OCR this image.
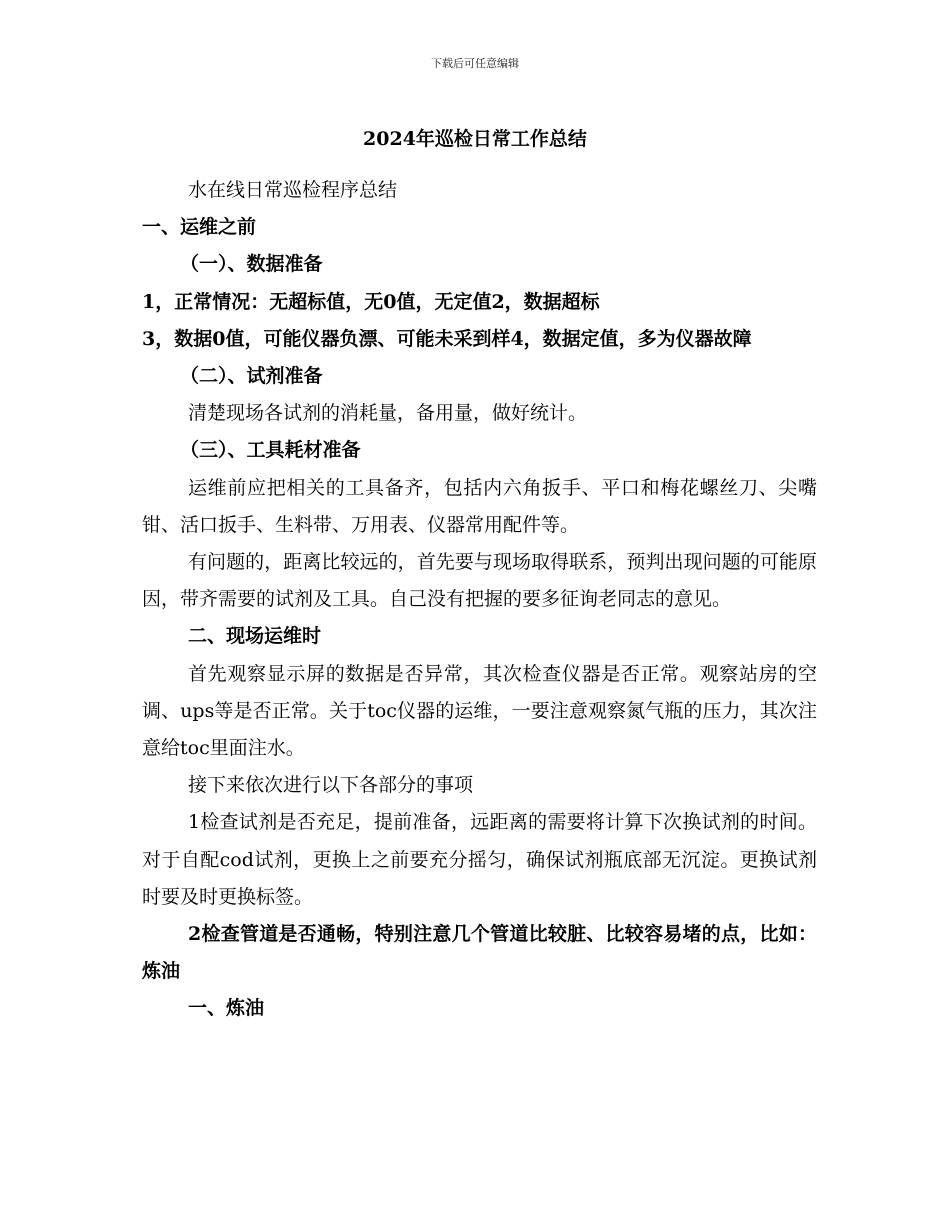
下载后可任意编辑
2024年巡检日常工作总结

水在线日常巡检程序总结

一、运维之前

（一）、数据准备

1，正常情况：无超标值，无0值，无定值2，数据超标

3，数据0值，可能仪器负漂、可能未采到样4，数据定值，多为仪器故障

（二）、试剂准备

清楚现场各试剂的消耗量，备用量，做好统计。

（三）、工具耗材准备

运维前应把相关的工具备齐，包括内六角扳手、平口和梅花螺丝刀、尖嘴钳、活口扳手、生料带、万用表、仪器常用配件等。

有问题的，距离比较远的，首先要与现场取得联系，预判出现问题的可能原因，带齐需要的试剂及工具。自己没有把握的要多征询老同志的意见。

二、现场运维时

首先观察显示屏的数据是否异常，其次检查仪器是否正常。观察站房的空调、ups等是否正常。关于toc仪器的运维，一要注意观察氮气瓶的压力，其次注意给toc里面注水。

接下来依次进行以下各部分的事项

1检查试剂是否充足，提前准备，远距离的需要将计算下次换试剂的时间。对于自配cod试剂，更换上之前要充分摇匀，确保试剂瓶底部无沉淀。更换试剂时要及时更换标签。

2检查管道是否通畅，特别注意几个管道比较脏、比较容易堵的点，比如：炼油

一、炼油
